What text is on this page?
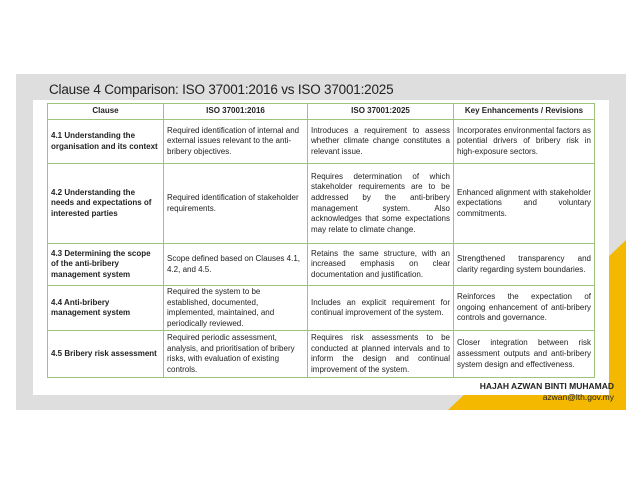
Clause 4 Comparison: ISO 37001:2016 vs ISO 37001:2025
Clause	ISO 37001:2016	ISO 37001:2025	Key Enhancements / Revisions
4.1 Understanding the organisation and its context	Required identification of internal and external issues relevant to the anti-bribery objectives.	Introduces a requirement to assess whether climate change constitutes a relevant issue.	Incorporates environmental factors as potential drivers of bribery risk in high-exposure sectors.
4.2 Understanding the needs and expectations of interested parties	Required identification of stakeholder requirements.	Requires determination of which stakeholder requirements are to be addressed by the anti-bribery management system. Also acknowledges that some expectations may relate to climate change.	Enhanced alignment with stakeholder expectations and voluntary commitments.
4.3 Determining the scope of the anti-bribery management system	Scope defined based on Clauses 4.1, 4.2, and 4.5.	Retains the same structure, with an increased emphasis on clear documentation and justification.	Strengthened transparency and clarity regarding system boundaries.
4.4 Anti-bribery management system	Required the system to be established, documented, implemented, maintained, and periodically reviewed.	Includes an explicit requirement for continual improvement of the system.	Reinforces the expectation of ongoing enhancement of anti-bribery controls and governance.
4.5 Bribery risk assessment	Required periodic assessment, analysis, and prioritisation of bribery risks, with evaluation of existing controls.	Requires risk assessments to be conducted at planned intervals and to inform the design and continual improvement of the system.	Closer integration between risk assessment outputs and anti-bribery system design and effectiveness.
HAJAH AZWAN BINTI MUHAMAD
azwan@lth.gov.my
